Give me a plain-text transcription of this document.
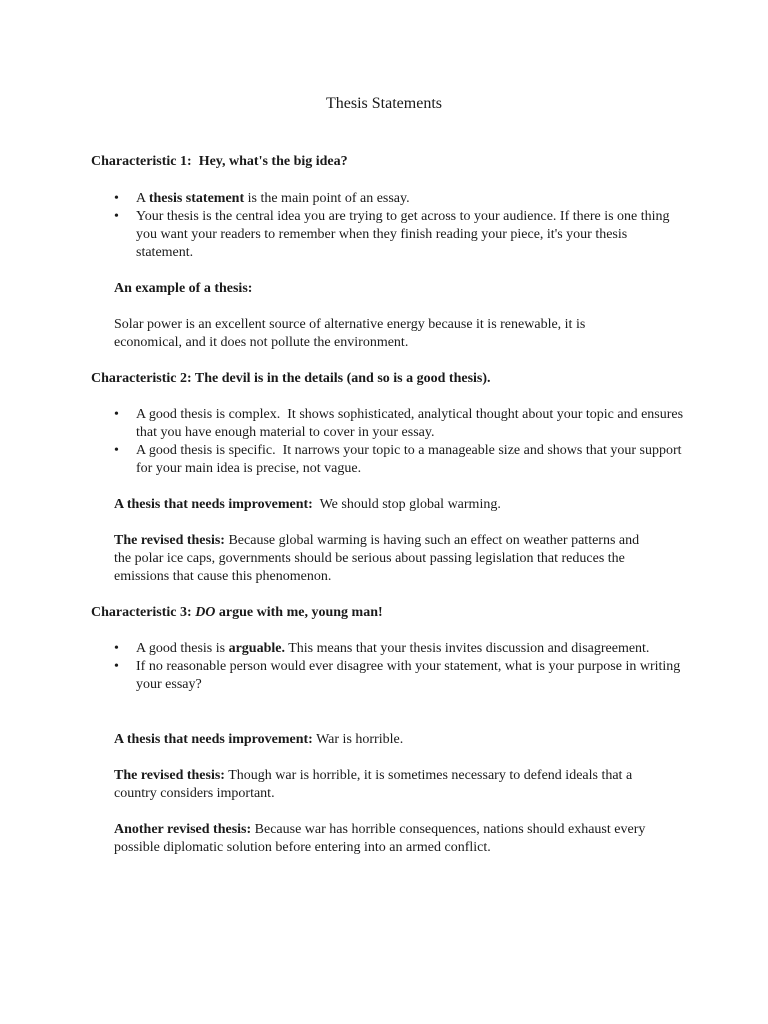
Thesis Statements
Characteristic 1:  Hey, what's the big idea?
• A thesis statement is the main point of an essay.
• Your thesis is the central idea you are trying to get across to your audience. If there is one thing you want your readers to remember when they finish reading your piece, it's your thesis statement.
An example of a thesis:
Solar power is an excellent source of alternative energy because it is renewable, it is economical, and it does not pollute the environment.
Characteristic 2: The devil is in the details (and so is a good thesis).
• A good thesis is complex.  It shows sophisticated, analytical thought about your topic and ensures that you have enough material to cover in your essay.
• A good thesis is specific.  It narrows your topic to a manageable size and shows that your support for your main idea is precise, not vague.
A thesis that needs improvement:  We should stop global warming.
The revised thesis: Because global warming is having such an effect on weather patterns and the polar ice caps, governments should be serious about passing legislation that reduces the emissions that cause this phenomenon.
Characteristic 3: DO argue with me, young man!
• A good thesis is arguable. This means that your thesis invites discussion and disagreement.
• If no reasonable person would ever disagree with your statement, what is your purpose in writing your essay?
A thesis that needs improvement: War is horrible.
The revised thesis: Though war is horrible, it is sometimes necessary to defend ideals that a country considers important.
Another revised thesis: Because war has horrible consequences, nations should exhaust every possible diplomatic solution before entering into an armed conflict.
